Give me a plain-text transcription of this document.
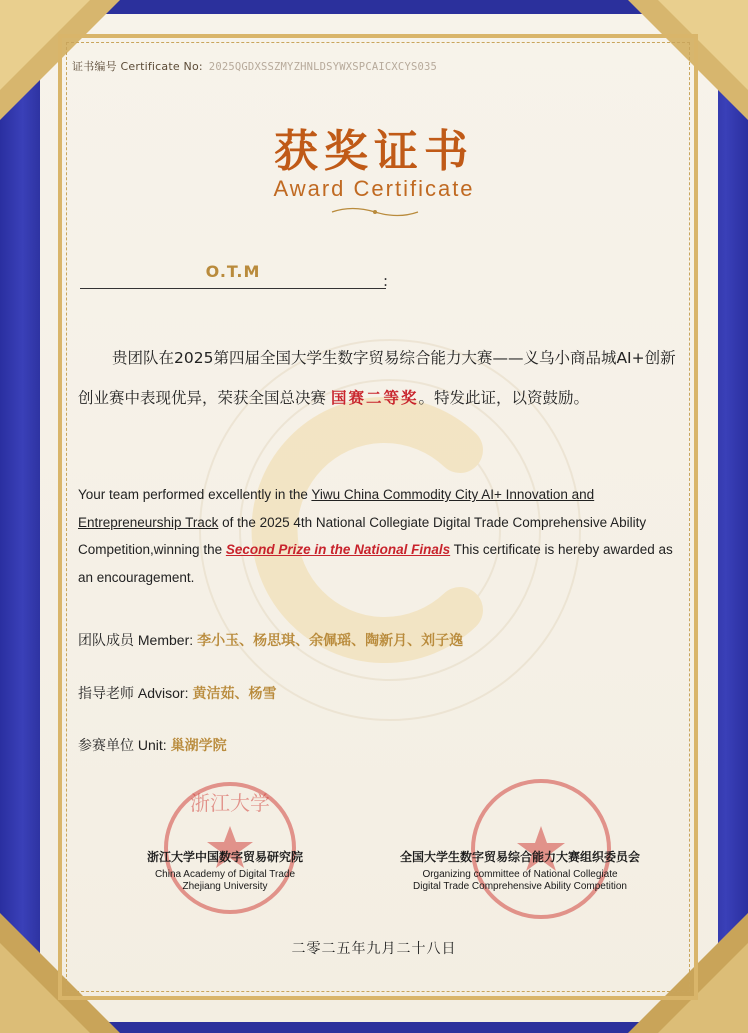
证书编号 Certificate No: 2025QGDXSSZMYZHNLDSYWXSPCAICXCYS035
获奖证书
Award Certificate
O.T.M	:
贵团队在2025第四届全国大学生数字贸易综合能力大赛——义乌小商品城AI+创新创业赛中表现优异，荣获全国总决赛 国赛二等奖。特发此证，以资鼓励。
Your team performed excellently in the Yiwu China Commodity City AI+ Innovation and Entrepreneurship Track of the 2025 4th National Collegiate Digital Trade Comprehensive Ability Competition,winning the Second Prize in the National Finals This certificate is hereby awarded as an encouragement.
团队成员 Member: 李小玉、杨思琪、余佩瑶、陶新月、刘子逸
指导老师 Advisor: 黄洁茹、杨雪
参赛单位 Unit: 巢湖学院
浙江大学
浙江大学中国数字贸易研究院
China Academy of Digital Trade
Zhejiang University
全国大学生数字贸易综合能力大赛组织委员会
Organizing committee of National Collegiate
Digital Trade Comprehensive Ability Competition
二零二五年九月二十八日
